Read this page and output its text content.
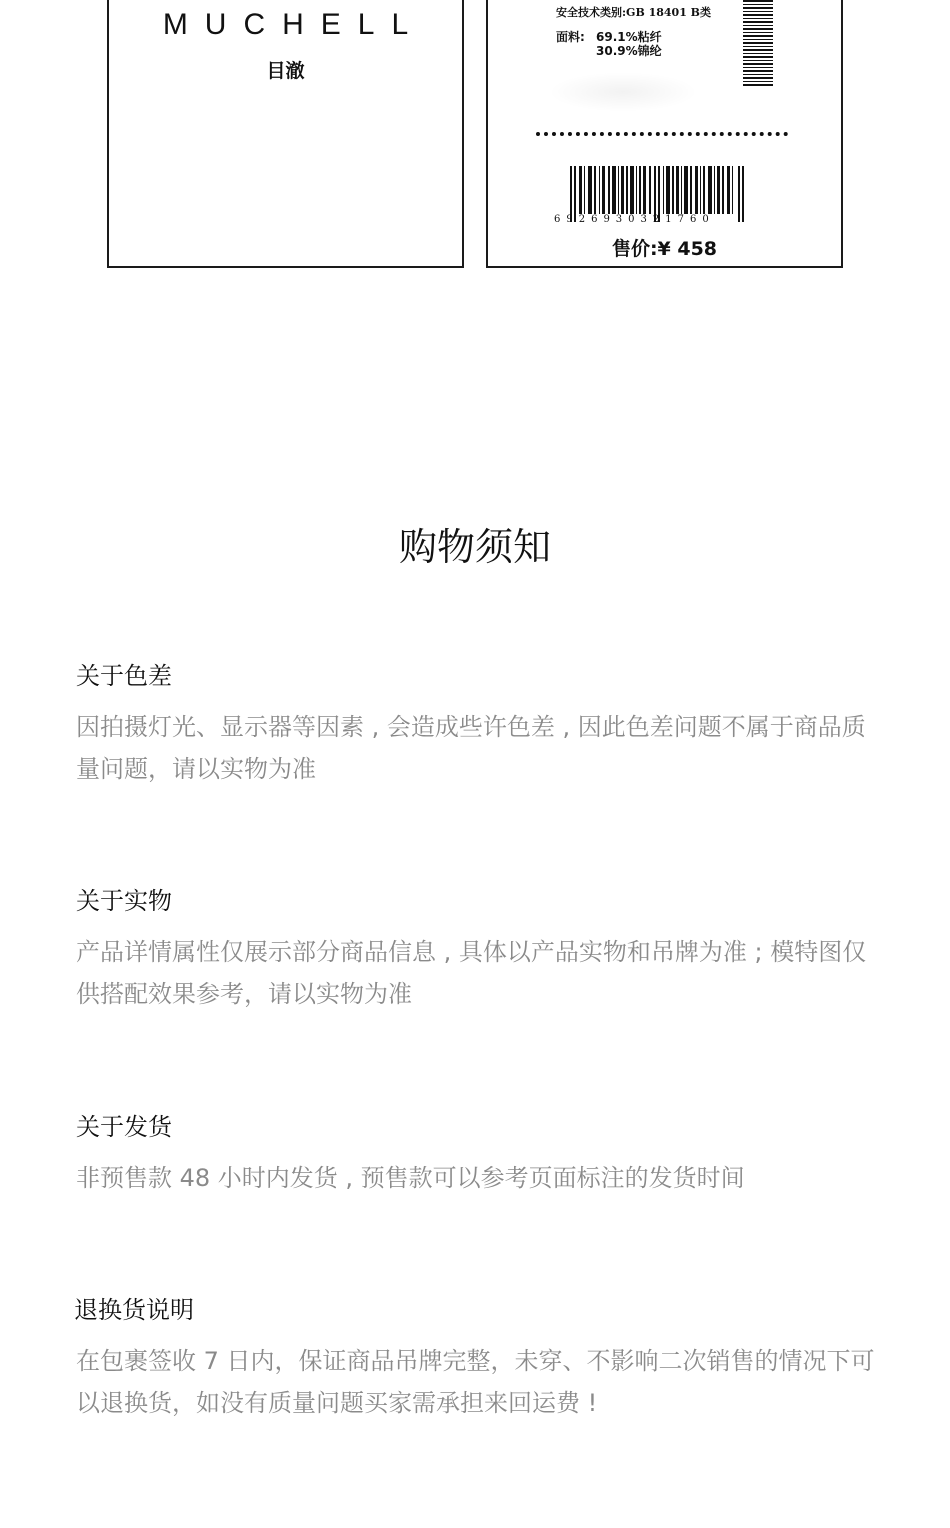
MUCHELL
目澈
安全技术类别:GB 18401 B类
面料: 69.1%粘纤
30.9%锦纶
6926930321760
售价:¥ 458
购物须知
关于色差
因拍摄灯光、显示器等因素 , 会造成些许色差 , 因此色差问题不属于商品质量问题，请以实物为准
关于实物
产品详情属性仅展示部分商品信息 , 具体以产品实物和吊牌为准 ; 模特图仅供搭配效果参考，请以实物为准
关于发货
非预售款 48 小时内发货 , 预售款可以参考页面标注的发货时间
退换货说明
在包裹签收 7 日内，保证商品吊牌完整，未穿、不影响二次销售的情况下可以退换货，如没有质量问题买家需承担来回运费 !
